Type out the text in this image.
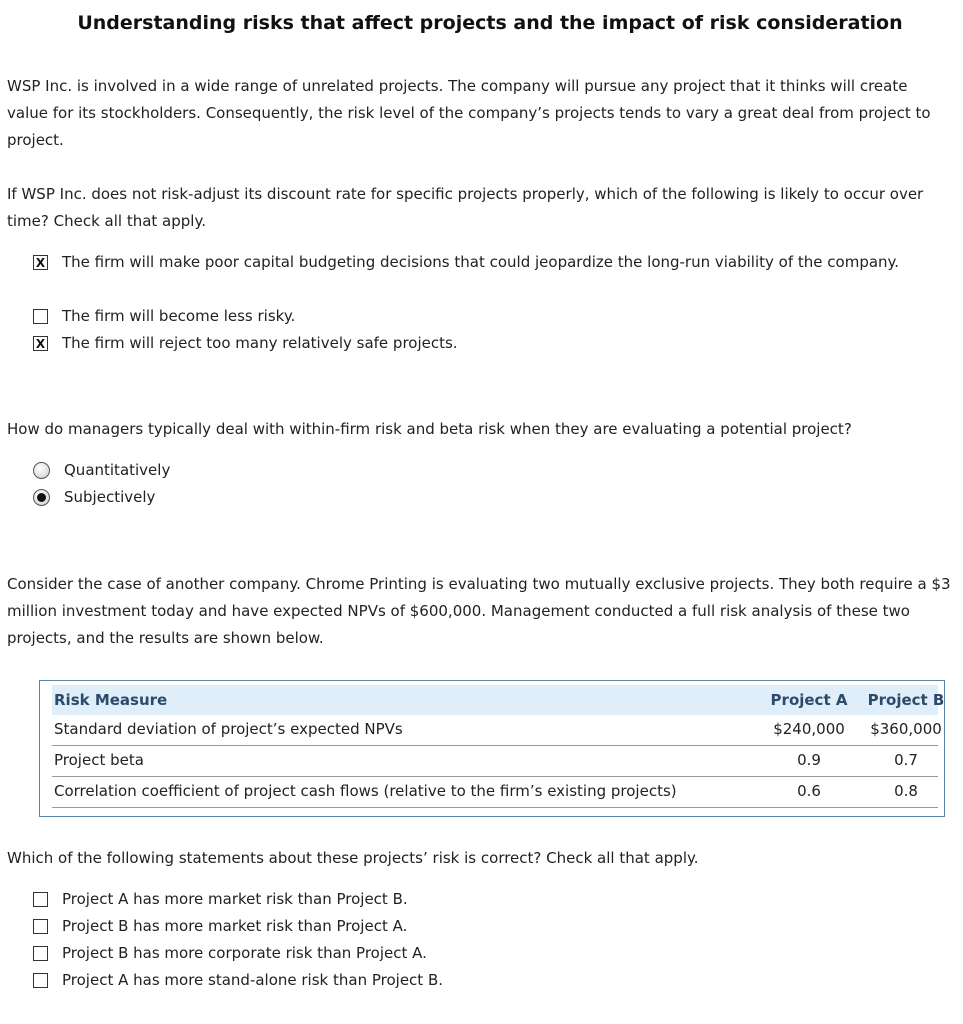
Understanding risks that affect projects and the impact of risk consideration

WSP Inc. is involved in a wide range of unrelated projects. The company will pursue any project that it thinks will create value for its stockholders. Consequently, the risk level of the company’s projects tends to vary a great deal from project to project.

If WSP Inc. does not risk-adjust its discount rate for specific projects properly, which of the following is likely to occur over time? Check all that apply.

X The firm will make poor capital budgeting decisions that could jeopardize the long-run viability of the company.
The firm will become less risky.
X The firm will reject too many relatively safe projects.

How do managers typically deal with within-firm risk and beta risk when they are evaluating a potential project?

Quantitatively
Subjectively

Consider the case of another company. Chrome Printing is evaluating two mutually exclusive projects. They both require a $3 million investment today and have expected NPVs of $600,000. Management conducted a full risk analysis of these two projects, and the results are shown below.

Risk Measure	Project A	Project B
Standard deviation of project’s expected NPVs	$240,000	$360,000
Project beta	0.9	0.7
Correlation coefficient of project cash flows (relative to the firm’s existing projects)	0.6	0.8

Which of the following statements about these projects’ risk is correct? Check all that apply.

Project A has more market risk than Project B.
Project B has more market risk than Project A.
Project B has more corporate risk than Project A.
Project A has more stand-alone risk than Project B.
